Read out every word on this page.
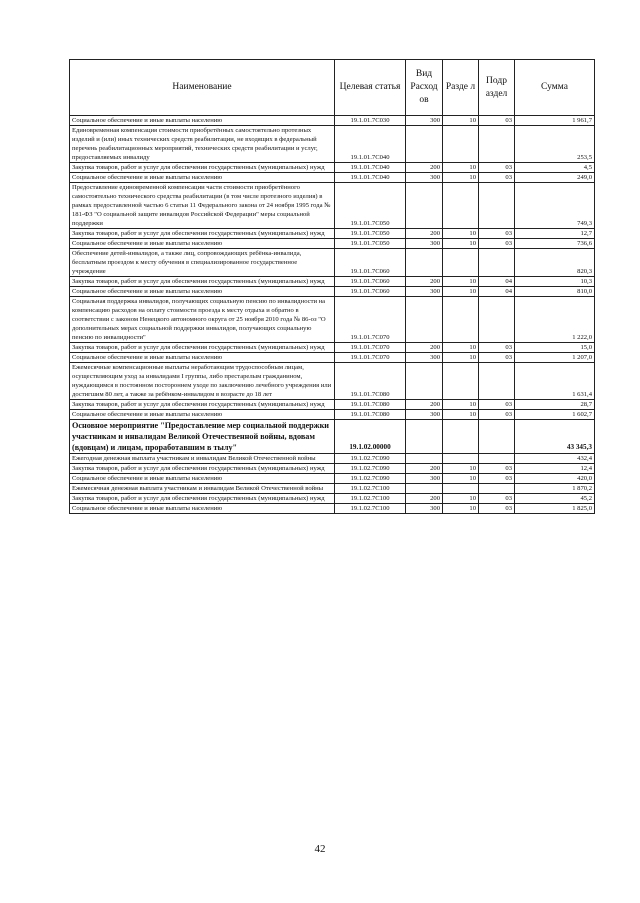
Наименование	Целевая статья	Вид Расход ов	Разде л	Подр аздел	Сумма
Социальное обеспечение и иные выплаты населению	19.1.01.7С030	300	10	03	1 961,7
Единовременная компенсация стоимости приобретённых самостоятельно протезных изделий и (или) иных технических средств реабилитации, не входящих в федеральный перечень реабилитационных мероприятий, технических средств реабилитации и услуг, предоставляемых инвалиду	19.1.01.7С040				253,5
Закупка товаров, работ и услуг для обеспечения государственных (муниципальных) нужд	19.1.01.7С040	200	10	03	4,5
Социальное обеспечение и иные выплаты населению	19.1.01.7С040	300	10	03	249,0
Предоставление единовременной компенсации части стоимости приобретённого самостоятельно технического средства реабилитации (в том числе протезного изделия) в рамках предоставленной частью 6 статьи 11 Федерального закона от 24 ноября 1995 года № 181-ФЗ "О социальной защите инвалидов Российской Федерации" меры социальной поддержки	19.1.01.7С050				749,3
Закупка товаров, работ и услуг для обеспечения государственных (муниципальных) нужд	19.1.01.7С050	200	10	03	12,7
Социальное обеспечение и иные выплаты населению	19.1.01.7С050	300	10	03	736,6
Обеспечение детей-инвалидов, а также лиц, сопровождающих ребёнка-инвалида, бесплатным проездом к месту обучения в специализированное государственное учреждение	19.1.01.7С060				820,3
Закупка товаров, работ и услуг для обеспечения государственных (муниципальных) нужд	19.1.01.7С060	200	10	04	10,3
Социальное обеспечение и иные выплаты населению	19.1.01.7С060	300	10	04	810,0
Социальная поддержка инвалидов, получающих социальную пенсию по инвалидности на компенсацию расходов на оплату стоимости проезда к месту отдыха и обратно в соответствии с законом Ненецкого автономного округа от 25 ноября 2010 года № 86-оз "О дополнительных мерах социальной поддержки инвалидов, получающих социальную пенсию по инвалидности"	19.1.01.7С070				1 222,0
Закупка товаров, работ и услуг для обеспечения государственных (муниципальных) нужд	19.1.01.7С070	200	10	03	15,0
Социальное обеспечение и иные выплаты населению	19.1.01.7С070	300	10	03	1 207,0
Ежемесячные компенсационные выплаты неработающим трудоспособным лицам, осуществляющим уход за инвалидами I группы, либо престарелым гражданином, нуждающимся в постоянном постороннем уходе по заключению лечебного учреждения или достигшим 80 лет, а также за ребёнком-инвалидом в возрасте до 18 лет	19.1.01.7С080				1 631,4
Закупка товаров, работ и услуг для обеспечения государственных (муниципальных) нужд	19.1.01.7С080	200	10	03	28,7
Социальное обеспечение и иные выплаты населению	19.1.01.7С080	300	10	03	1 602,7
Основное мероприятие "Предоставление мер социальной поддержки участникам и инвалидам Великой Отечественной войны, вдовам (вдовцам) и лицам, проработавшим в тылу"	19.1.02.00000				43 345,3
Ежегодная денежная выплата участникам и инвалидам Великой Отечественной войны	19.1.02.7С090				432,4
Закупка товаров, работ и услуг для обеспечения государственных (муниципальных) нужд	19.1.02.7С090	200	10	03	12,4
Социальное обеспечение и иные выплаты населению	19.1.02.7С090	300	10	03	420,0
Ежемесячная денежная выплата участникам и инвалидам Великой Отечественной войны	19.1.02.7С100				1 870,2
Закупка товаров, работ и услуг для обеспечения государственных (муниципальных) нужд	19.1.02.7С100	200	10	03	45,2
Социальное обеспечение и иные выплаты населению	19.1.02.7С100	300	10	03	1 825,0
42
